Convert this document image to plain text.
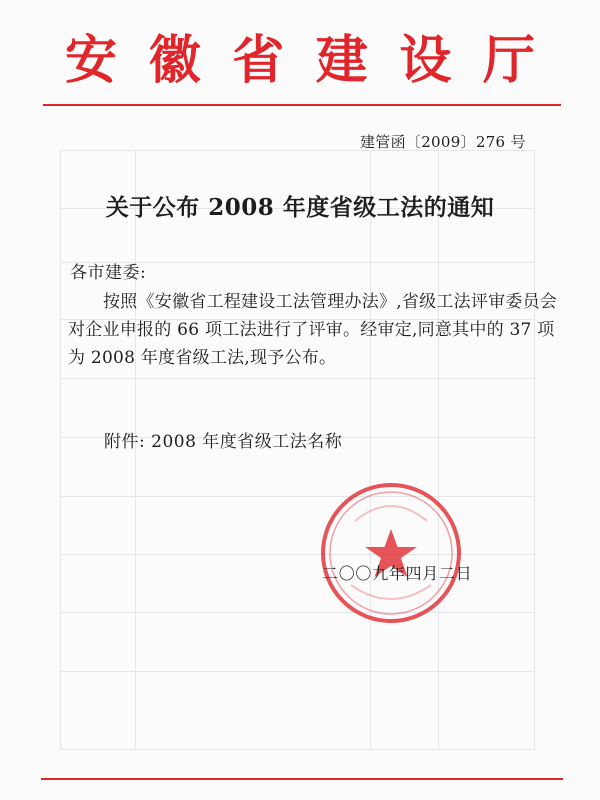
安 徽 省 建 设 厅
建管函〔2009〕276 号
关于公布 2008 年度省级工法的通知
各市建委:
按照《安徽省工程建设工法管理办法》,省级工法评审委员会
对企业申报的 66 项工法进行了评审。经审定,同意其中的 37 项
为 2008 年度省级工法,现予公布。
附件: 2008 年度省级工法名称
二〇〇九年四月二日
